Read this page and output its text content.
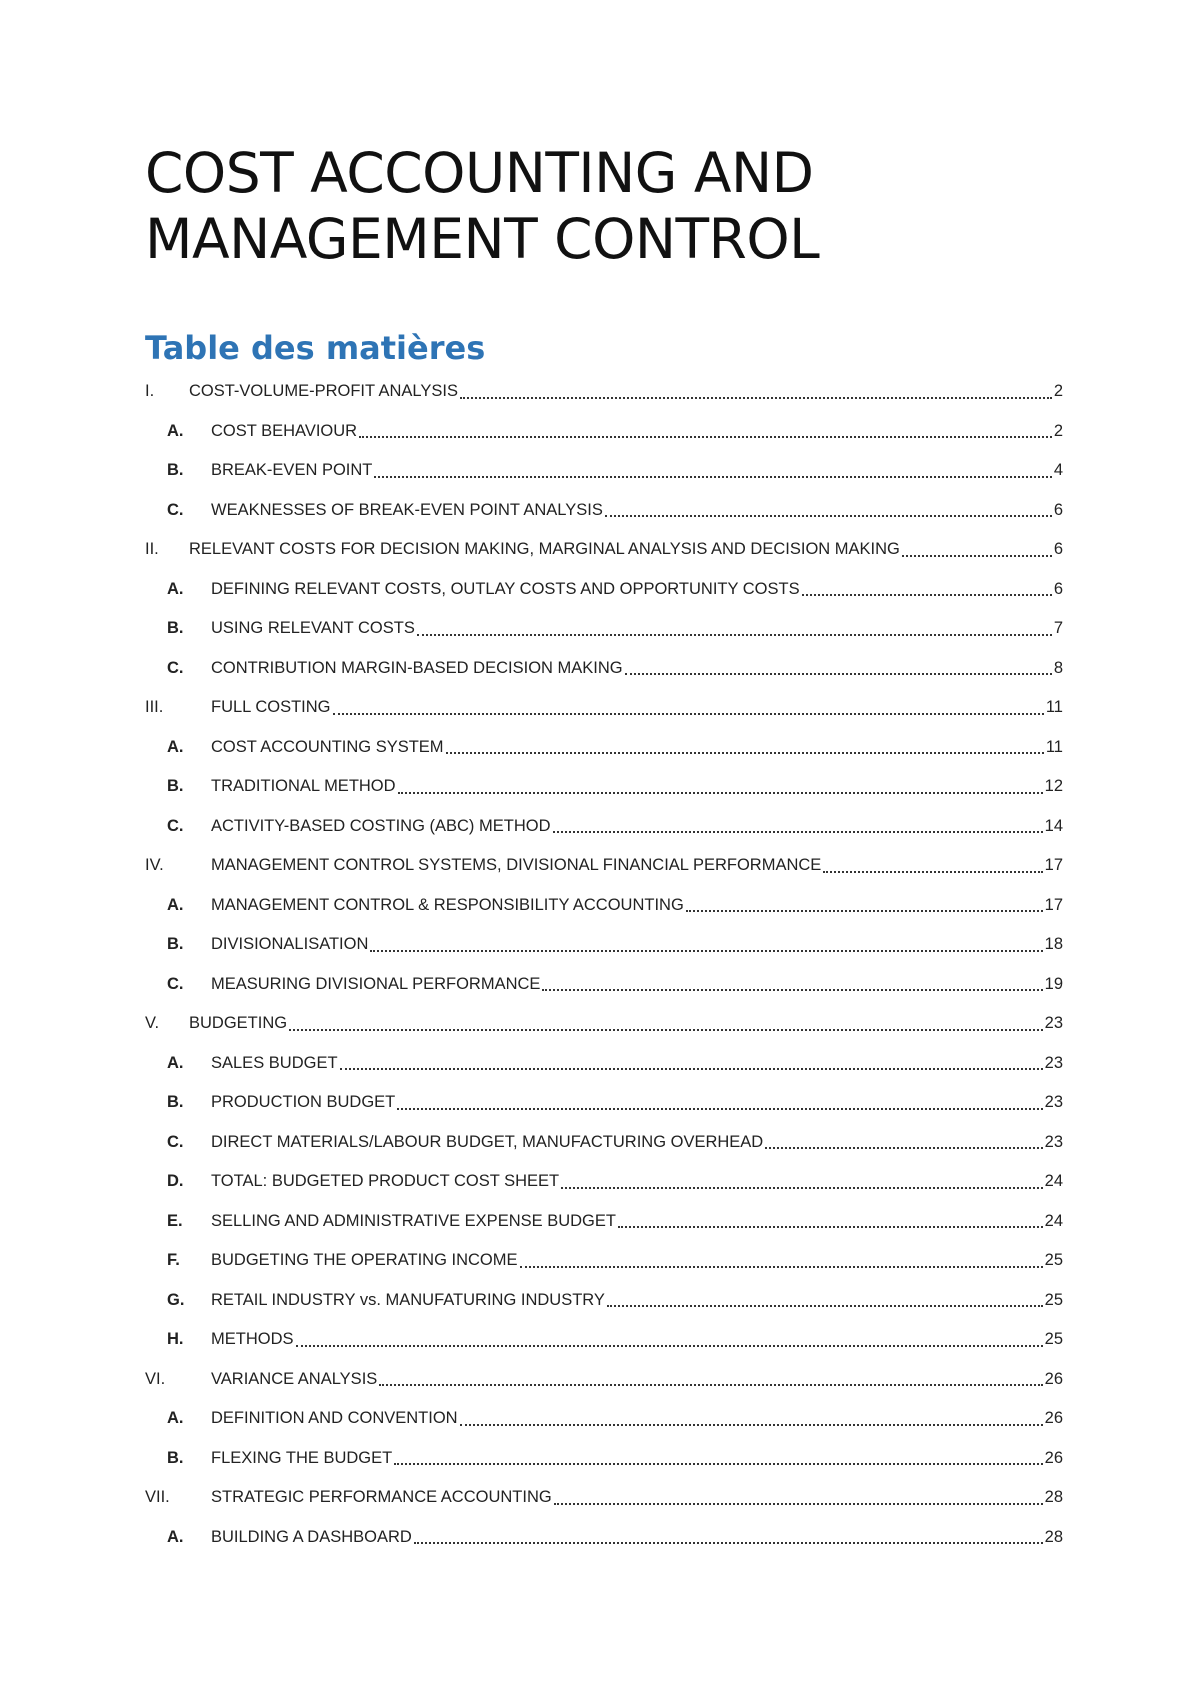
COST ACCOUNTING AND
MANAGEMENT CONTROL
Table des matières
I.	COST-VOLUME-PROFIT ANALYSIS	2
A.	COST BEHAVIOUR	2
B.	BREAK-EVEN POINT	4
C.	WEAKNESSES OF BREAK-EVEN POINT ANALYSIS	6
II.	RELEVANT COSTS FOR DECISION MAKING, MARGINAL ANALYSIS AND DECISION MAKING	6
A.	DEFINING RELEVANT COSTS, OUTLAY COSTS AND OPPORTUNITY COSTS	6
B.	USING RELEVANT COSTS	7
C.	CONTRIBUTION MARGIN-BASED DECISION MAKING	8
III.	FULL COSTING	11
A.	COST ACCOUNTING SYSTEM	11
B.	TRADITIONAL METHOD	12
C.	ACTIVITY-BASED COSTING (ABC) METHOD	14
IV.	MANAGEMENT CONTROL SYSTEMS, DIVISIONAL FINANCIAL PERFORMANCE	17
A.	MANAGEMENT CONTROL & RESPONSIBILITY ACCOUNTING	17
B.	DIVISIONALISATION	18
C.	MEASURING DIVISIONAL PERFORMANCE	19
V.	BUDGETING	23
A.	SALES BUDGET	23
B.	PRODUCTION BUDGET	23
C.	DIRECT MATERIALS/LABOUR BUDGET, MANUFACTURING OVERHEAD	23
D.	TOTAL: BUDGETED PRODUCT COST SHEET	24
E.	SELLING AND ADMINISTRATIVE EXPENSE BUDGET	24
F.	BUDGETING THE OPERATING INCOME	25
G.	RETAIL INDUSTRY vs. MANUFATURING INDUSTRY	25
H.	METHODS	25
VI.	VARIANCE ANALYSIS	26
A.	DEFINITION AND CONVENTION	26
B.	FLEXING THE BUDGET	26
VII.	STRATEGIC PERFORMANCE ACCOUNTING	28
A.	BUILDING A DASHBOARD	28
